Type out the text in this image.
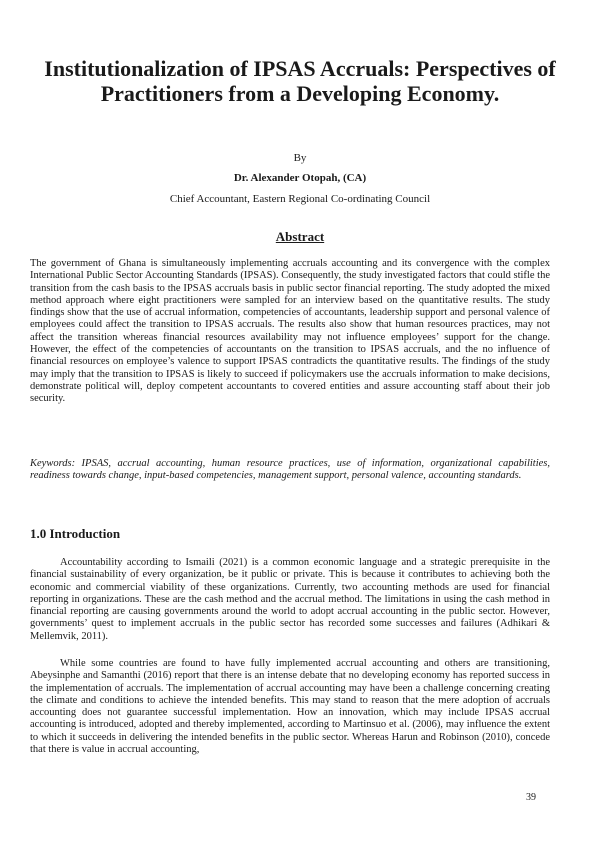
Institutionalization of IPSAS Accruals: Perspectives of Practitioners from a Developing Economy.
By
Dr. Alexander Otopah, (CA)
Chief Accountant, Eastern Regional Co-ordinating Council
Abstract

The government of Ghana is simultaneously implementing accruals accounting and its convergence with the complex International Public Sector Accounting Standards (IPSAS). Consequently, the study investigated factors that could stifle the transition from the cash basis to the IPSAS accruals basis in public sector financial reporting. The study adopted the mixed method approach where eight practitioners were sampled for an interview based on the quantitative results. The study findings show that the use of accrual information, competencies of accountants, leadership support and personal valence of employees could affect the transition to IPSAS accruals. The results also show that human resources practices, may not affect the transition whereas financial resources availability may not influence employees’ support for the change. However, the effect of the competencies of accountants on the transition to IPSAS accruals, and the no influence of financial resources on employee’s valence to support IPSAS contradicts the quantitative results. The findings of the study may imply that the transition to IPSAS is likely to succeed if policymakers use the accruals information to make decisions, demonstrate political will, deploy competent accountants to covered entities and assure accounting staff about their job security.

Keywords: IPSAS, accrual accounting, human resource practices, use of information, organizational capabilities, readiness towards change, input-based competencies, management support, personal valence, accounting standards.

1.0 Introduction

Accountability according to Ismaili (2021) is a common economic language and a strategic prerequisite in the financial sustainability of every organization, be it public or private. This is because it contributes to achieving both the economic and commercial viability of these organizations. Currently, two accounting methods are used for financial reporting in organizations. These are the cash method and the accrual method. The limitations in using the cash method in financial reporting are causing governments around the world to adopt accrual accounting in the public sector. However, governments’ quest to implement accruals in the public sector has recorded some successes and failures (Adhikari & Mellemvik, 2011).

While some countries are found to have fully implemented accrual accounting and others are transitioning, Abeysinphe and Samanthi (2016) report that there is an intense debate that no developing economy has reported success in the implementation of accruals. The implementation of accrual accounting may have been a challenge concerning creating the climate and conditions to achieve the intended benefits. This may stand to reason that the mere adoption of accruals accounting does not guarantee successful implementation. How an innovation, which may include IPSAS accrual accounting is introduced, adopted and thereby implemented, according to Martinsuo et al. (2006), may influence the extent to which it succeeds in delivering the intended benefits in the public sector. Whereas Harun and Robinson (2010), concede that there is value in accrual accounting,

39
